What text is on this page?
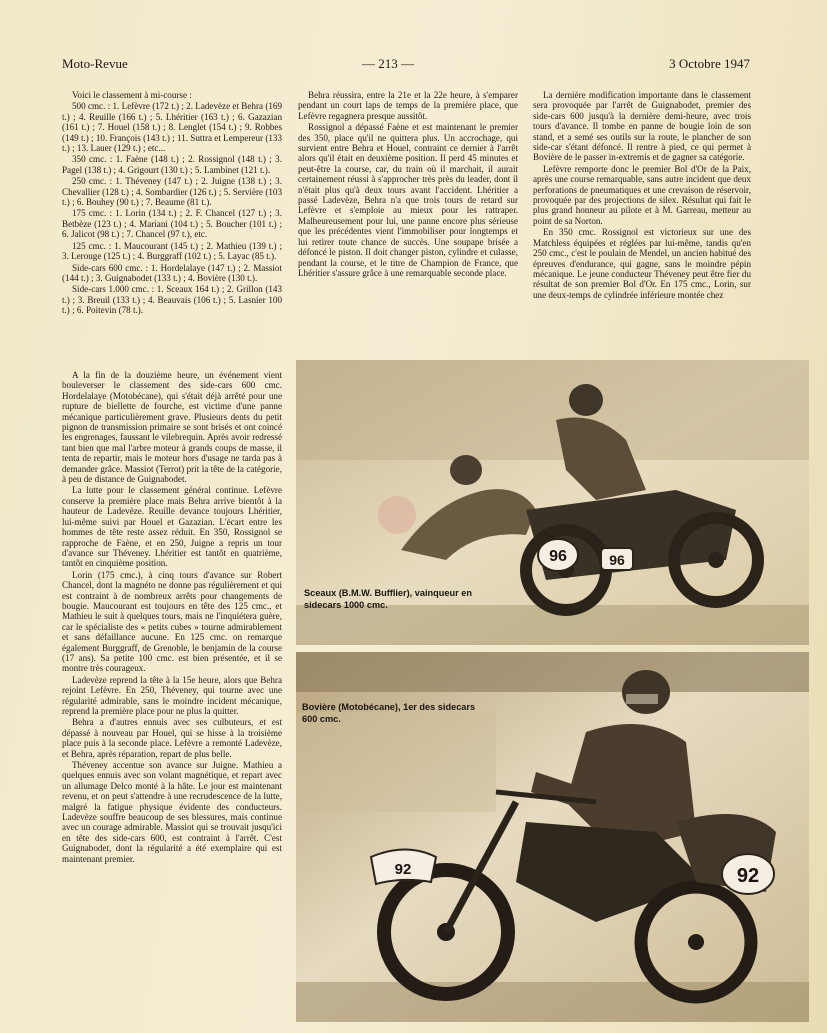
Moto-Revue	— 213 —	3 Octobre 1947

Voici le classement à mi-course :

500 cmc. : 1. Lefèvre (172 t.) ; 2. Ladevèze et Behra (169 t.) ; 4. Reuille (166 t.) ; 5. Lhéritier (163 t.) ; 6. Gazazian (161 t.) ; 7. Houel (158 t.) ; 8. Lenglet (154 t.) ; 9. Robbes (149 t.) ; 10. François (143 t.) ; 11. Suttra et Lempereur (133 t.) ; 13. Lauer (129 t.) ; etc...

350 cmc. : 1. Faène (148 t.) ; 2. Rossignol (148 t.) ; 3. Pagel (138 t.) ; 4. Grigourt (130 t.) ; 5. Lambinet (121 t.).

250 cmc. : 1. Théveney (147 t.) ; 2. Juigne (138 t.) ; 3. Chevallier (128 t.) ; 4. Sombardier (126 t.) ; 5. Servière (103 t.) ; 6. Bouhey (90 t.) ; 7. Beaume (81 t.).

175 cmc. : 1. Lorin (134 t.) ; 2. F. Chancel (127 t.) ; 3. Betbèze (123 t.) ; 4. Mariani (104 t.) ; 5. Boucher (101 t.) ; 6. Jalicot (98 t.) ; 7. Chancel (97 t.), etc.

125 cmc. : 1. Maucourant (145 t.) ; 2. Mathieu (139 t.) ; 3. Lerouge (125 t.) ; 4. Burggraff (102 t.) ; 5. Layac (85 t.).

Side-cars 600 cmc. : 1. Hordelalaye (147 t.) ; 2. Massiot (144 t.) ; 3. Guignabodet (133 t.) ; 4. Bovière (130 t.).

Side-cars 1.000 cmc. : 1. Sceaux 164 t.) ; 2. Grillon (143 t.) ; 3. Breuil (133 t.) ; 4. Beauvais (106 t.) ; 5. Lasnier 100 t.) ; 6. Poitevin (78 t.).

A la fin de la douzième heure, un événement vient bouleverser le classement des side-cars 600 cmc. Hordelalaye (Motobécane), qui s'était déjà arrêté pour une rupture de biellette de fourche, est victime d'une panne mécanique particulièrement grave. Plusieurs dents du petit pignon de transmission primaire se sont brisés et ont coincé les engrenages, faussant le vilebrequin. Après avoir redressé tant bien que mal l'arbre moteur à grands coups de masse, il tenta de repartir, mais le moteur hors d'usage ne tarda pas à demander grâce. Massiot (Terrot) prit la tête de la catégorie, à peu de distance de Guignabodet.

La lutte pour le classement général continue. Lefèvre conserve la première place mais Behra arrive bientôt à la hauteur de Ladevèze. Reuille devance toujours Lhéritier, lui-même suivi par Houel et Gazazian. L'écart entre les hommes de tête reste assez réduit. En 350, Rossignol se rapproche de Faène, et en 250, Juigne a repris un tour d'avance sur Théveney. Lhéritier est tantôt en quatrième, tantôt en cinquième position.

Lorin (175 cmc.), à cinq tours d'avance sur Robert Chancel, dont la magnéto ne donne pas régulièrement et qui est contraint à de nombreux arrêts pour changements de bougie. Maucourant est toujours en tête des 125 cmc., et Mathieu le suit à quelques tours, mais ne l'inquiétera guère, car le spécialiste des « petits cubes » tourne admirablement et sans défaillance aucune. En 125 cmc. on remarque également Burggraff, de Grenoble, le benjamin de la course (17 ans). Sa petite 100 cmc. est bien présentée, et il se montre très courageux.

Ladevèze reprend la tête à la 15e heure, alors que Behra rejoint Lefèvre. En 250, Théveney, qui tourne avec une régularité admirable, sans le moindre incident mécanique, reprend la première place pour ne plus la quitter.

Behra a d'autres ennuis avec ses culbuteurs, et est dépassé à nouveau par Houel, qui se hisse à la troisième place puis à la seconde place. Lefèvre a remonté Ladevèze, et Behra, après réparation, repart de plus belle.

Théveney accentue son avance sur Juigne. Mathieu a quelques ennuis avec son volant magnétique, et repart avec un allumage Delco monté à la hâte. Le jour est maintenant revenu, et on peut s'attendre à une recrudescence de la lutte, malgré la fatigue physique évidente des conducteurs. Ladevèze souffre beaucoup de ses blessures, mais continue avec un courage admirable. Massiot qui se trouvait jusqu'ici en tête des side-cars 600, est contraint à l'arrêt. C'est Guignabodet, dont la régularité a été exemplaire qui est maintenant premier.

Behra réussira, entre la 21e et la 22e heure, à s'emparer pendant un court laps de temps de la première place, que Lefèvre regagnera presque aussitôt.

Rossignol a dépassé Faène et est maintenant le premier des 350, place qu'il ne quittera plus. Un accrochage, qui survient entre Behra et Houel, contraint ce dernier à l'arrêt alors qu'il était en deuxième position. Il perd 45 minutes et peut-être la course, car, du train où il marchait, il aurait certainement réussi à s'approcher très près du leader, dont il n'était plus qu'à deux tours avant l'accident. Lhéritier a passé Ladevèze, Behra n'a que trois tours de retard sur Lefèvre et s'emploie au mieux pour les rattraper. Malheureusement pour lui, une panne encore plus sérieuse que les précédentes vient l'immobiliser pour longtemps et lui retirer toute chance de succès. Une soupape brisée a défoncé le piston. Il doit changer piston, cylindre et culasse, pendant la course, et le titre de Champion de France, que Lhéritier s'assure grâce à une remarquable seconde place.

La dernière modification importante dans le classement sera provoquée par l'arrêt de Guignabodet, premier des side-cars 600 jusqu'à la dernière demi-heure, avec trois tours d'avance. Il tombe en panne de bougie loin de son stand, et a semé ses outils sur la route, le plancher de son side-car s'étant défoncé. Il rentre à pied, ce qui permet à Bovière de le passer in-extremis et de gagner sa catégorie.

Lefèvre remporte donc le premier Bol d'Or de la Paix, après une course remarquable, sans autre incident que deux perforations de pneumatiques et une crevaison de réservoir, provoquée par des projections de silex. Résultat qui fait le plus grand honneur au pilote et à M. Garreau, metteur au point de sa Norton.

En 350 cmc. Rossignol est victorieux sur une des Matchless équipées et réglées par lui-même, tandis qu'en 250 cmc., c'est le poulain de Mendel, un ancien habitué des épreuves d'endurance, qui gagne, sans le moindre pépin mécanique. Le jeune conducteur Théveney peut être fier du résultat de son premier Bol d'Or. En 175 cmc., Lorin, sur une deux-temps de cylindrée inférieure montée chez

96	96
Sceaux (B.M.W. Bufflier), vainqueur en sidecars 1000 cmc.
92	92
Bovière (Motobécane), 1er des sidecars 600 cmc.
